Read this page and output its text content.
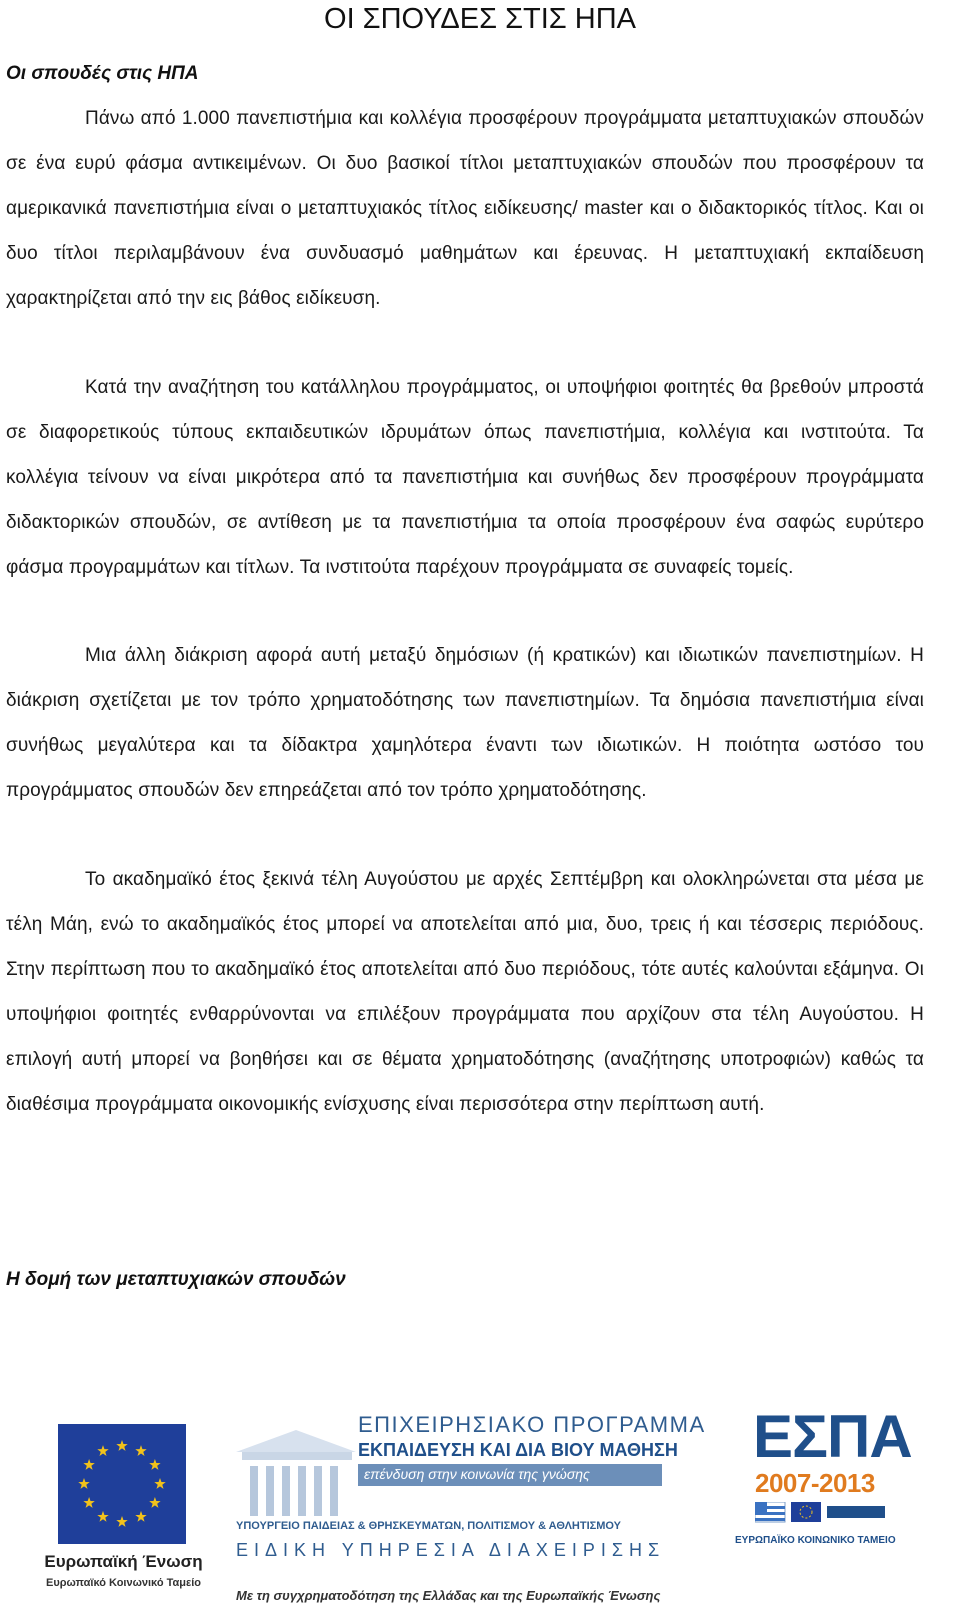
ΟΙ ΣΠΟΥΔΕΣ ΣΤΙΣ ΗΠΑ
Οι σπουδές στις ΗΠΑ

Πάνω από 1.000 πανεπιστήμια και κολλέγια προσφέρουν προγράμματα μεταπτυχιακών σπουδών σε ένα ευρύ φάσμα αντικειμένων. Οι δυο βασικοί τίτλοι μεταπτυχιακών σπουδών που προσφέρουν τα αμερικανικά πανεπιστήμια είναι ο μεταπτυχιακός τίτλος ειδίκευσης/ master και ο διδακτορικός τίτλος. Και οι δυο τίτλοι περιλαμβάνουν ένα συνδυασμό μαθημάτων και έρευνας. Η μεταπτυχιακή εκπαίδευση χαρακτηρίζεται από την εις βάθος ειδίκευση.

Κατά την αναζήτηση του κατάλληλου προγράμματος, οι υποψήφιοι φοιτητές θα βρεθούν μπροστά σε διαφορετικούς τύπους εκπαιδευτικών ιδρυμάτων όπως πανεπιστήμια, κολλέγια και ινστιτούτα. Τα κολλέγια τείνουν να είναι μικρότερα από τα πανεπιστήμια και συνήθως δεν προσφέρουν προγράμματα διδακτορικών σπουδών, σε αντίθεση με τα πανεπιστήμια τα οποία προσφέρουν ένα σαφώς ευρύτερο φάσμα προγραμμάτων και τίτλων. Τα ινστιτούτα παρέχουν προγράμματα σε συναφείς τομείς.

Μια άλλη διάκριση αφορά αυτή μεταξύ δημόσιων (ή κρατικών) και ιδιωτικών πανεπιστημίων. Η διάκριση σχετίζεται με τον τρόπο χρηματοδότησης των πανεπιστημίων. Τα δημόσια πανεπιστήμια είναι συνήθως μεγαλύτερα και τα δίδακτρα χαμηλότερα έναντι των ιδιωτικών. Η ποιότητα ωστόσο του προγράμματος σπουδών δεν επηρεάζεται από τον τρόπο χρηματοδότησης.

Το ακαδημαϊκό έτος ξεκινά τέλη Αυγούστου με αρχές Σεπτέμβρη και ολοκληρώνεται στα μέσα με τέλη Μάη, ενώ το ακαδημαϊκός έτος μπορεί να αποτελείται από μια, δυο, τρεις ή και τέσσερις περιόδους. Στην περίπτωση που το ακαδημαϊκό έτος αποτελείται από δυο περιόδους, τότε αυτές καλούνται εξάμηνα. Οι υποψήφιοι φοιτητές ενθαρρύνονται να επιλέξουν προγράμματα που αρχίζουν στα τέλη Αυγούστου. Η επιλογή αυτή μπορεί να βοηθήσει και σε θέματα χρηματοδότησης (αναζήτησης υποτροφιών) καθώς τα διαθέσιμα προγράμματα οικονομικής ενίσχυσης είναι περισσότερα στην περίπτωση αυτή.

Η δομή των μεταπτυχιακών σπουδών
Ευρωπαϊκή Ένωση
Ευρωπαϊκό Κοινωνικό Ταμείο
ΕΠΙΧΕΙΡΗΣΙΑΚΟ ΠΡΟΓΡΑΜΜΑ
ΕΚΠΑΙΔΕΥΣΗ ΚΑΙ ΔΙΑ ΒΙΟΥ ΜΑΘΗΣΗ
επένδυση στην κοινωνία της γνώσης
ΥΠΟΥΡΓΕΙΟ ΠΑΙΔΕΙΑΣ & ΘΡΗΣΚΕΥΜΑΤΩΝ, ΠΟΛΙΤΙΣΜΟΥ & ΑΘΛΗΤΙΣΜΟΥ
ΕΙΔΙΚΗ ΥΠΗΡΕΣΙΑ ΔΙΑΧΕΙΡΙΣΗΣ
Με τη συγχρηματοδότηση της Ελλάδας και της Ευρωπαϊκής Ένωσης
ΕΣΠΑ
2007-2013
ΕΥΡΩΠΑΪΚΟ ΚΟΙΝΩΝΙΚΟ ΤΑΜΕΙΟ
